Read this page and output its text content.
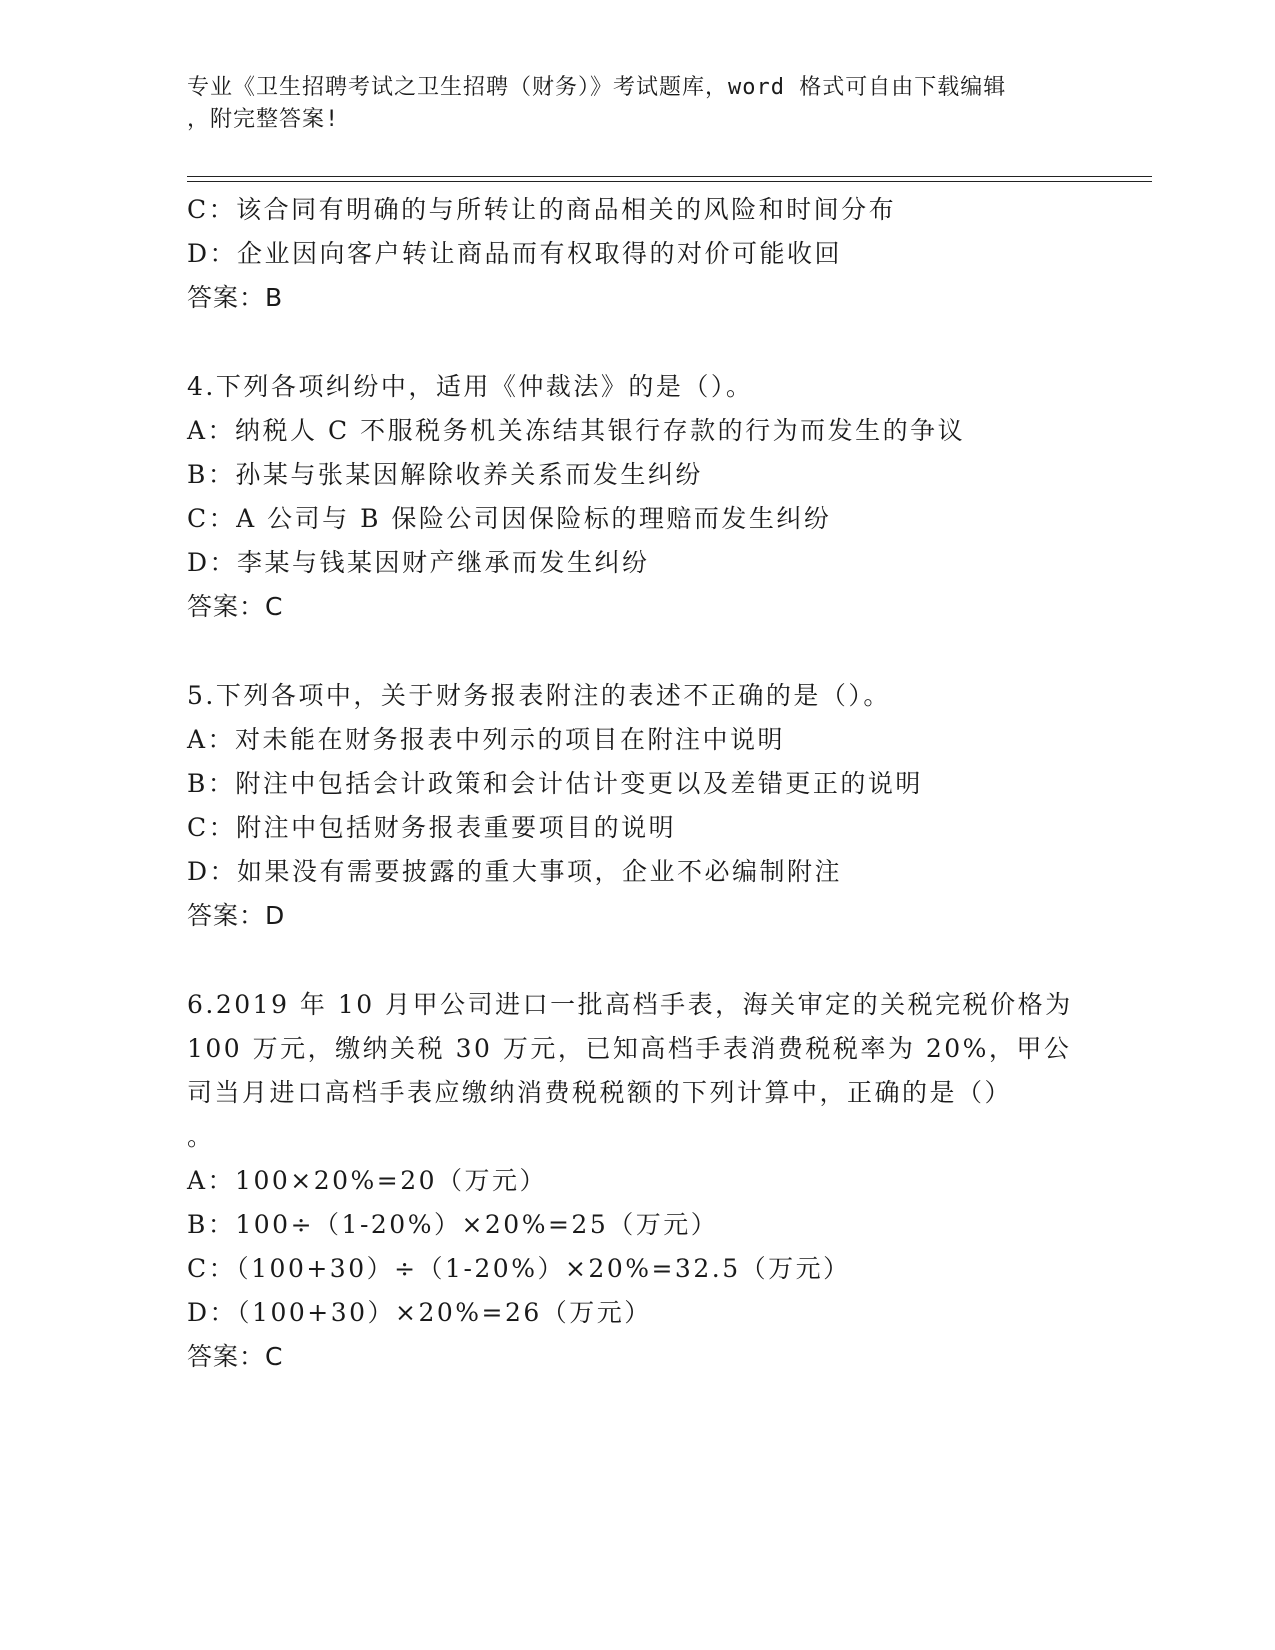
专业《卫生招聘考试之卫生招聘（财务）》考试题库，word 格式可自由下载编辑
，附完整答案!
C：该合同有明确的与所转让的商品相关的风险和时间分布
D：企业因向客户转让商品而有权取得的对价可能收回
答案：B
4.下列各项纠纷中，适用《仲裁法》的是（）。
A：纳税人 C 不服税务机关冻结其银行存款的行为而发生的争议
B：孙某与张某因解除收养关系而发生纠纷
C：A 公司与 B 保险公司因保险标的理赔而发生纠纷
D：李某与钱某因财产继承而发生纠纷
答案：C
5.下列各项中，关于财务报表附注的表述不正确的是（）。
A：对未能在财务报表中列示的项目在附注中说明
B：附注中包括会计政策和会计估计变更以及差错更正的说明
C：附注中包括财务报表重要项目的说明
D：如果没有需要披露的重大事项，企业不必编制附注
答案：D
6.2019 年 10 月甲公司进口一批高档手表，海关审定的关税完税价格为
100 万元，缴纳关税 30 万元，已知高档手表消费税税率为 20%，甲公
司当月进口高档手表应缴纳消费税税额的下列计算中，正确的是（）
。
A：100×20%=20（万元）
B：100÷（1-20%）×20%=25（万元）
C：（100+30）÷（1-20%）×20%=32.5（万元）
D：（100+30）×20%=26（万元）
答案：C
